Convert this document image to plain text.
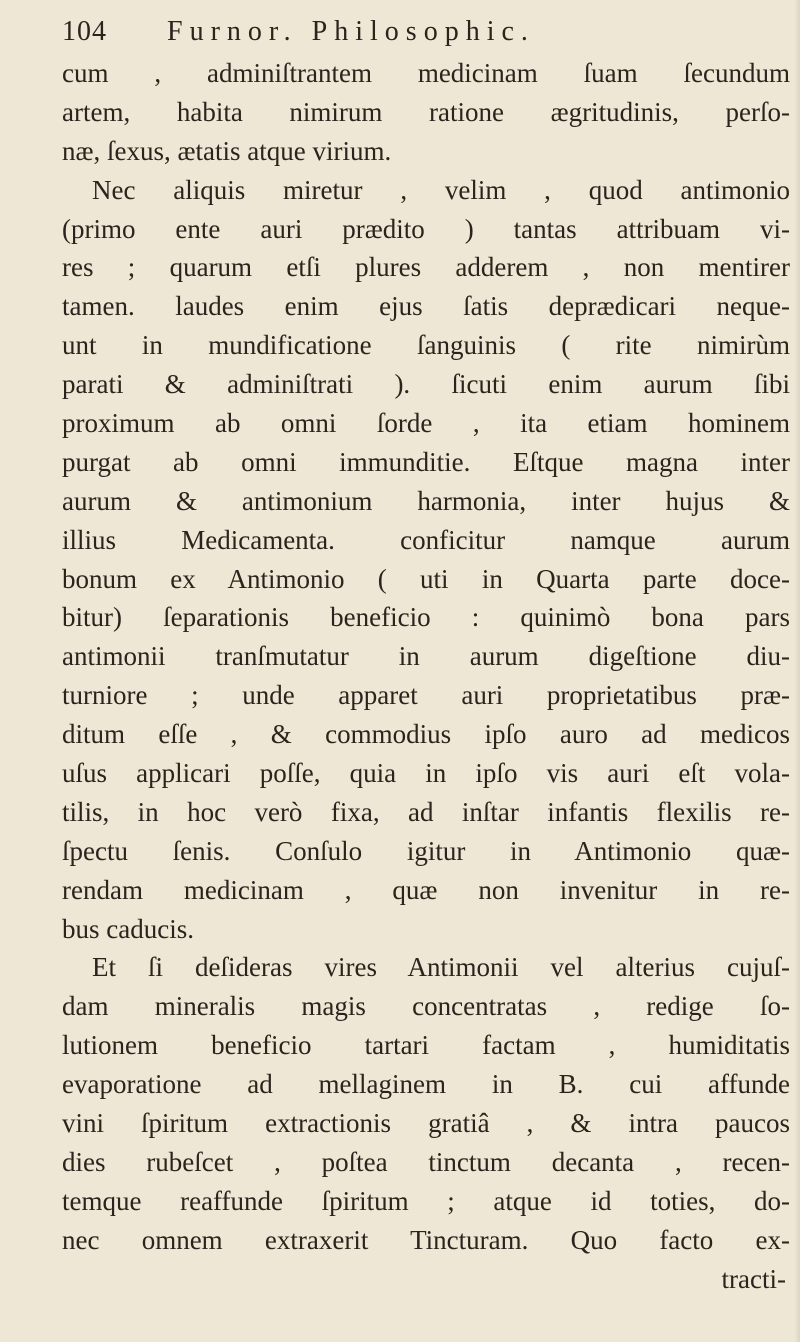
104 Furnor. Philosophic.
cum , adminiſtrantem medicinam ſuam ſecundum
artem, habita nimirum ratione ægritudinis, perſo-
næ, ſexus, ætatis atque virium.
Nec aliquis miretur , velim , quod antimonio
(primo ente auri prædito ) tantas attribuam vi-
res ; quarum etſi plures adderem , non mentirer
tamen. laudes enim ejus ſatis deprædicari neque-
unt in mundificatione ſanguinis ( rite nimirùm
parati & adminiſtrati ). ſicuti enim aurum ſibi
proximum ab omni ſorde , ita etiam hominem
purgat ab omni immunditie. Eſtque magna inter
aurum & antimonium harmonia, inter hujus &
illius Medicamenta. conficitur namque aurum
bonum ex Antimonio ( uti in Quarta parte doce-
bitur) ſeparationis beneficio : quinimò bona pars
antimonii tranſmutatur in aurum digeſtione diu-
turniore ; unde apparet auri proprietatibus præ-
ditum eſſe , & commodius ipſo auro ad medicos
uſus applicari poſſe, quia in ipſo vis auri eſt vola-
tilis, in hoc verò fixa, ad inſtar infantis flexilis re-
ſpectu ſenis. Conſulo igitur in Antimonio quæ-
rendam medicinam , quæ non invenitur in re-
bus caducis.
Et ſi deſideras vires Antimonii vel alterius cujuſ-
dam mineralis magis concentratas , redige ſo-
lutionem beneficio tartari factam , humiditatis
evaporatione ad mellaginem in B. cui affunde
vini ſpiritum extractionis gratiâ , & intra paucos
dies rubeſcet , poſtea tinctum decanta , recen-
temque reaffunde ſpiritum ; atque id toties, do-
nec omnem extraxerit Tincturam. Quo facto ex-
tracti-
